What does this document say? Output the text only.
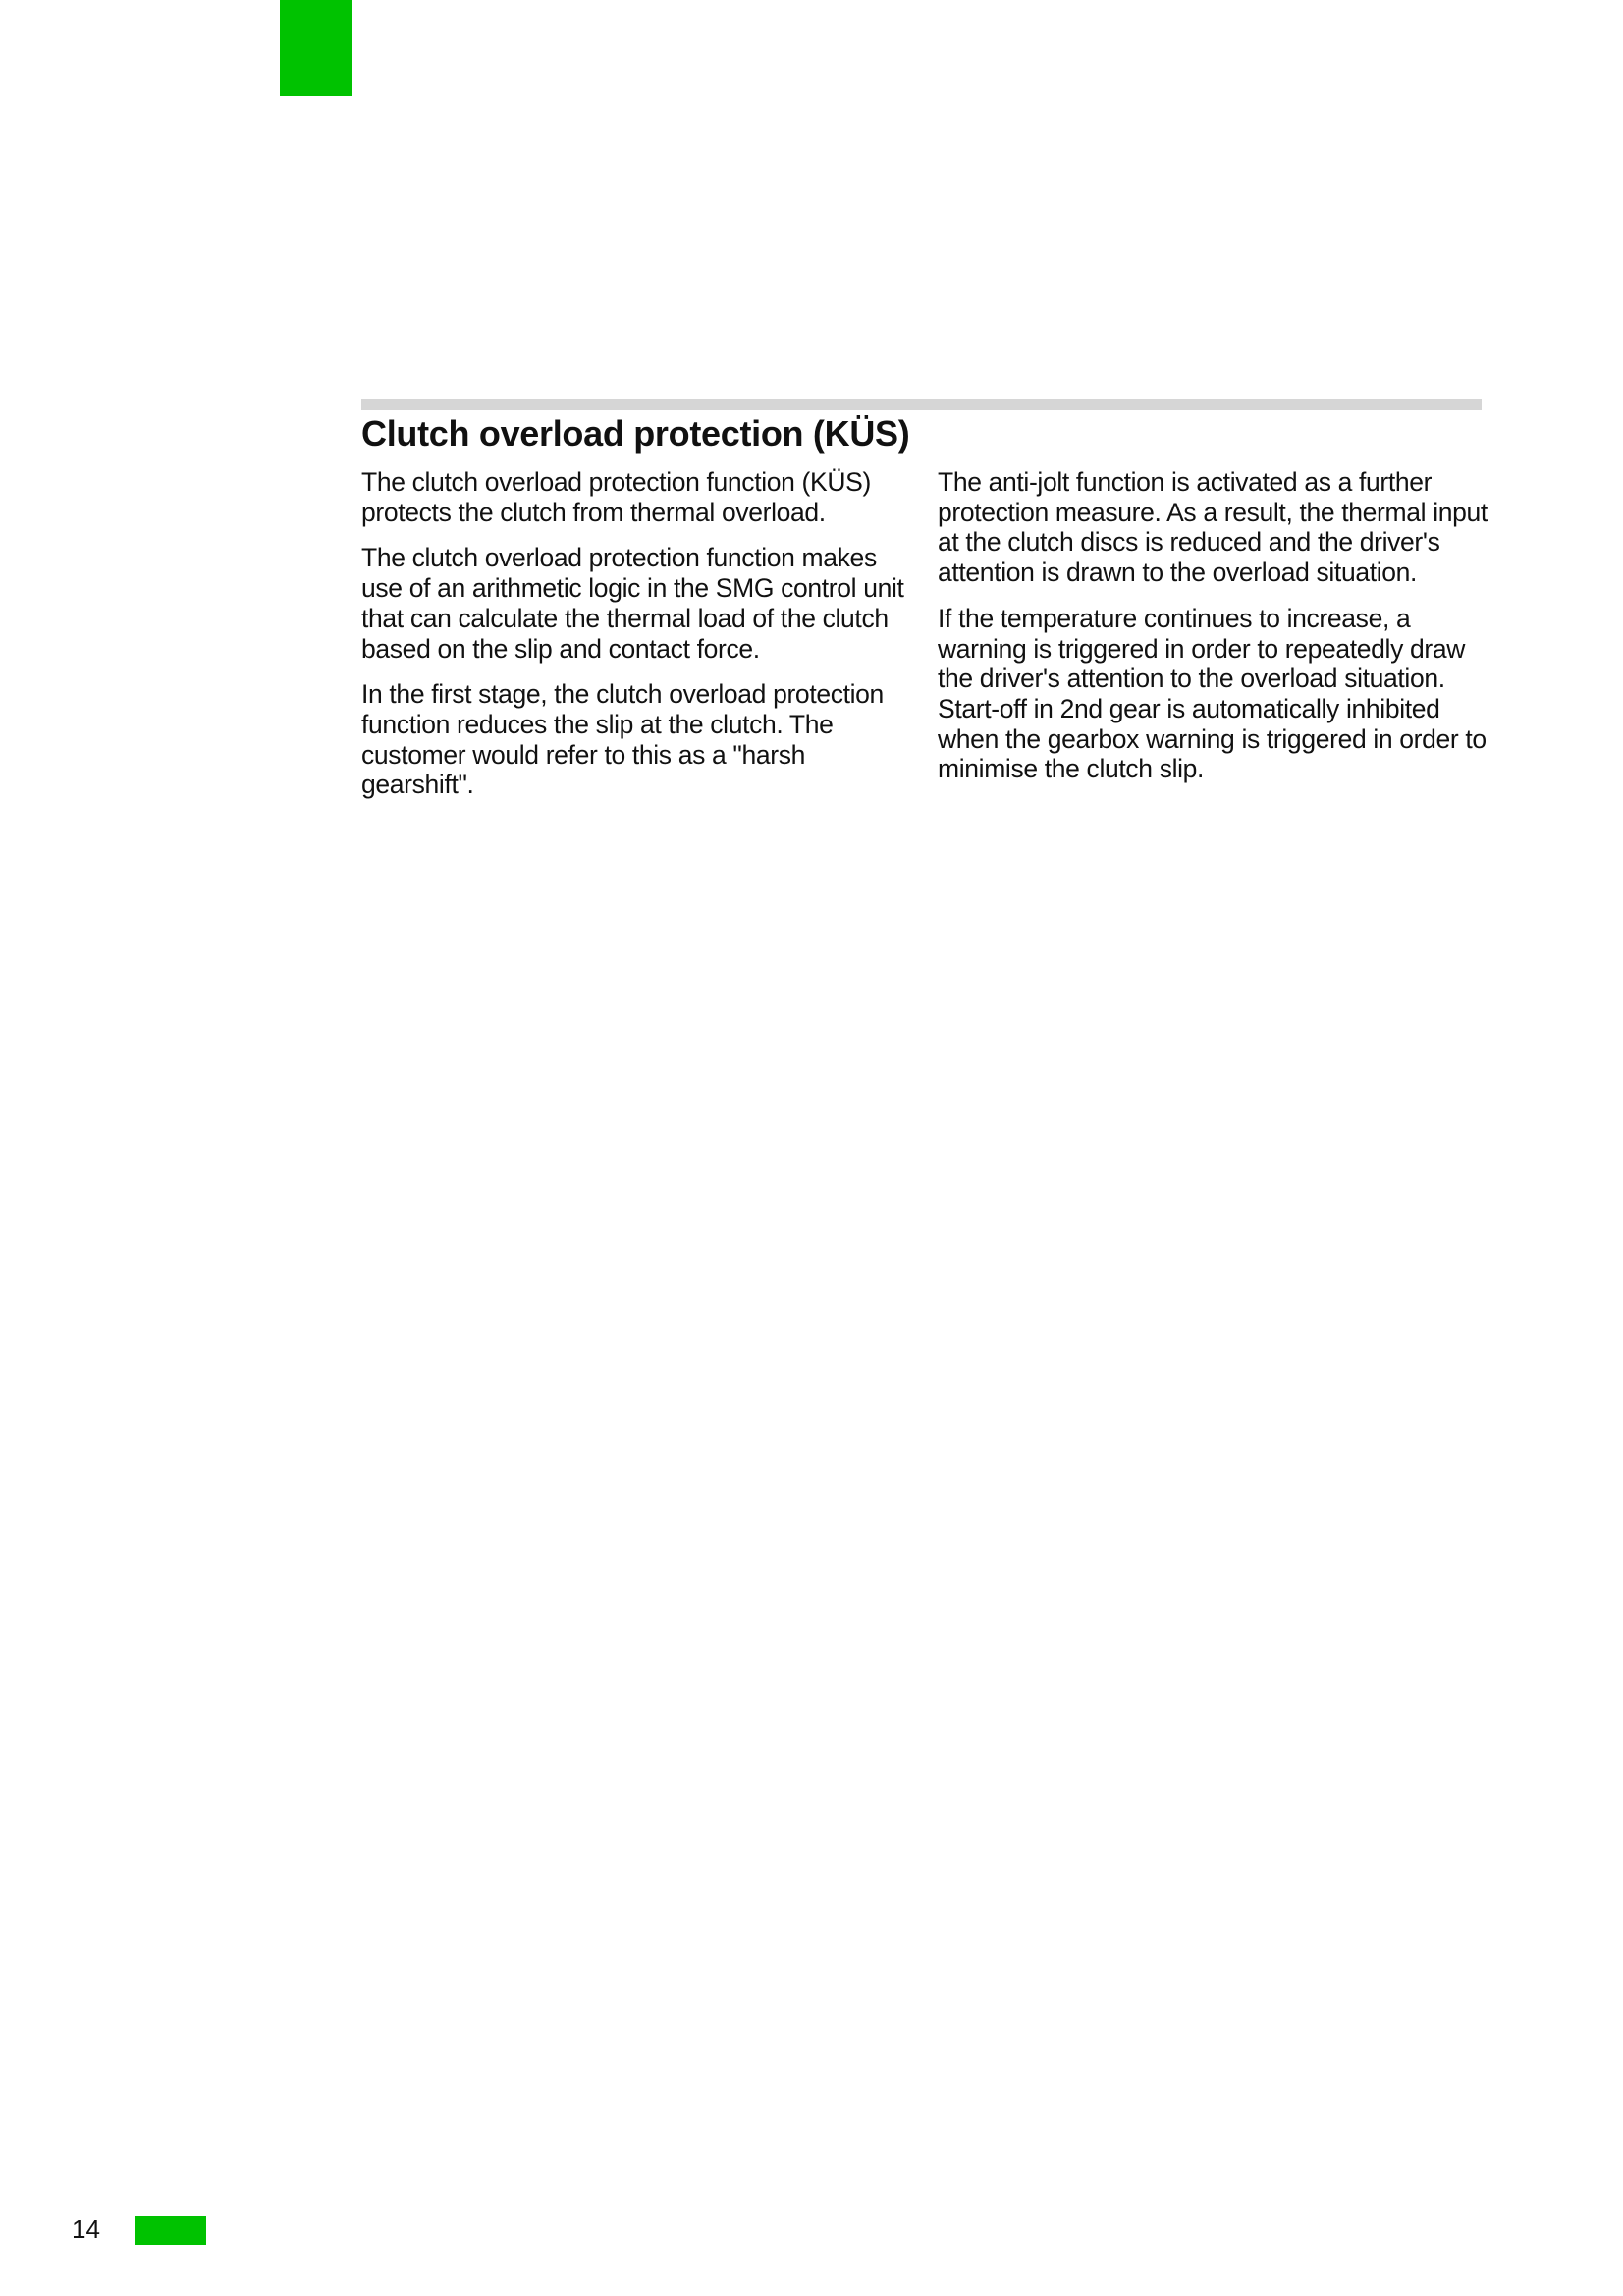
Clutch overload protection (KÜS)

The clutch overload protection function (KÜS) protects the clutch from thermal overload.

The clutch overload protection function makes use of an arithmetic logic in the SMG control unit that can calculate the thermal load of the clutch based on the slip and contact force.

In the first stage, the clutch overload protection function reduces the slip at the clutch. The customer would refer to this as a "harsh gearshift".

The anti-jolt function is activated as a further protection measure. As a result, the thermal input at the clutch discs is reduced and the driver's attention is drawn to the overload situation.

If the temperature continues to increase, a warning is triggered in order to repeatedly draw the driver's attention to the overload situation. Start-off in 2nd gear is automatically inhibited when the gearbox warning is triggered in order to minimise the clutch slip.

14
